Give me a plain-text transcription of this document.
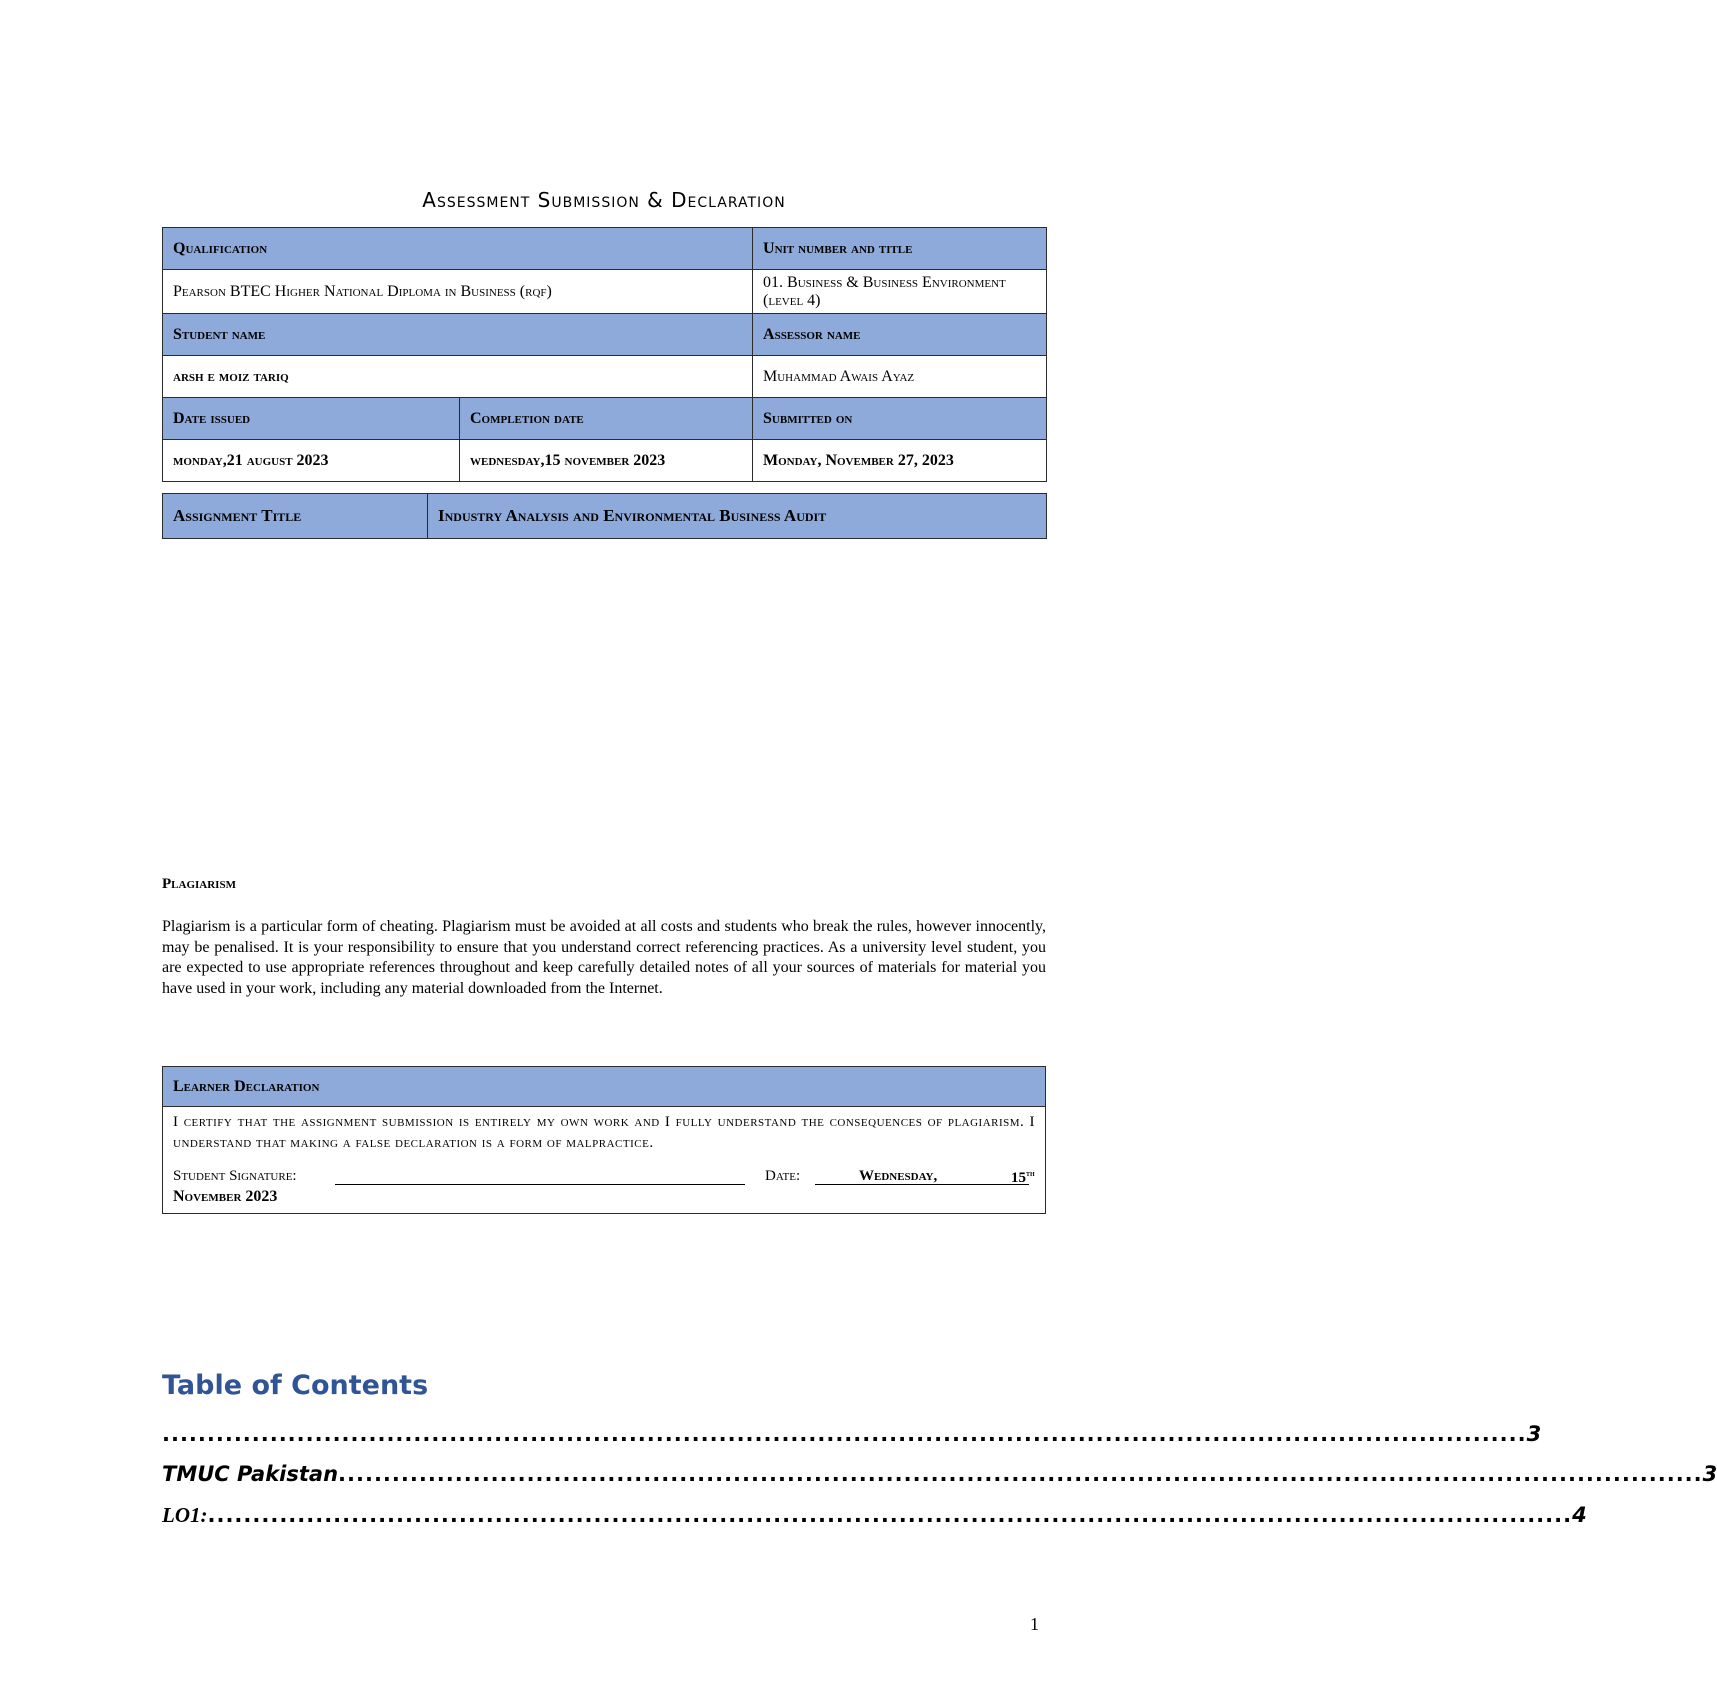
Assessment Submission & Declaration
Qualification		Unit number and title
Pearson BTEC Higher National Diploma in Business (rqf)		01. Business & Business Environment (level 4)
Student name		Assessor name
arsh e moiz tariq		Muhammad Awais Ayaz
Date issued	Completion date	Submitted on
monday,21 august 2023	wednesday,15 november 2023	Monday, November 27, 2023
Assignment Title	Industry Analysis and Environmental Business Audit
Plagiarism

Plagiarism is a particular form of cheating. Plagiarism must be avoided at all costs and students who break the rules, however innocently, may be penalised. It is your responsibility to ensure that you understand correct referencing practices. As a university level student, you are expected to use appropriate references throughout and keep carefully detailed notes of all your sources of materials for material you have used in your work, including any material downloaded from the Internet.

Learner Declaration
I certify that the assignment submission is entirely my own work and I fully understand the consequences of plagiarism. I understand that making a false declaration is a form of malpractice.
Student Signature:	Date:	Wednesday,	15th
November 2023
Table of Contents
........................................................................................................................................................ 3
TMUC Pakistan ........................................................................................................................................................ 3
LO1: ........................................................................................................................................................ 4
1
